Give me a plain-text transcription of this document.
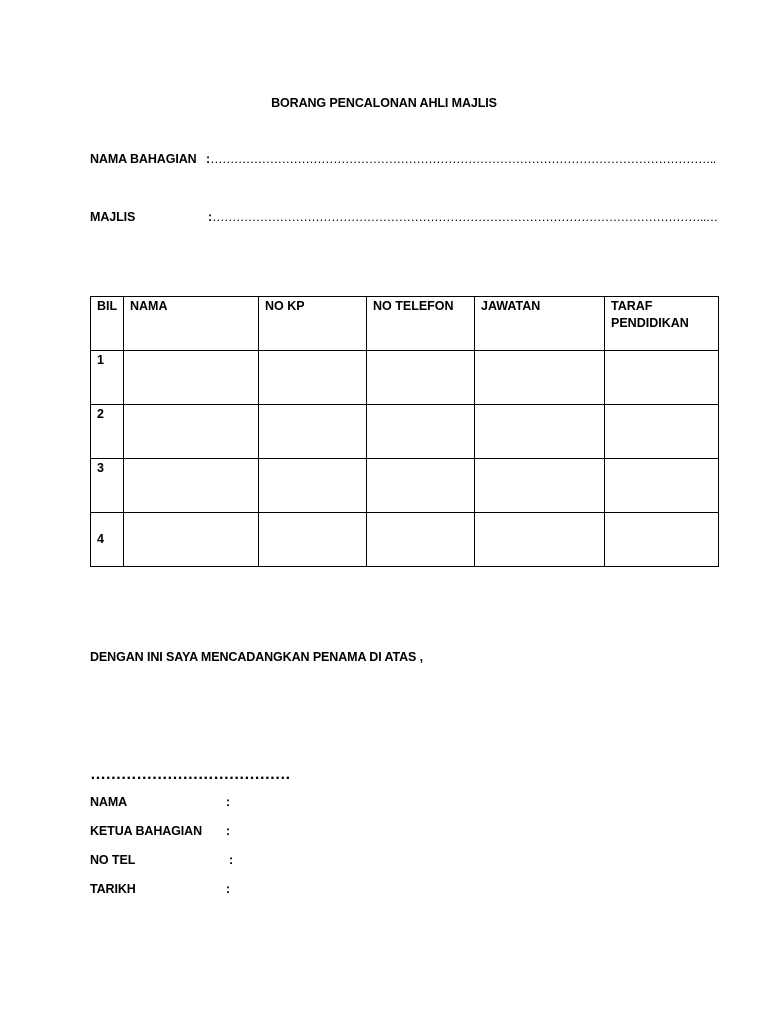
BORANG PENCALONAN AHLI MAJLIS
NAMA BAHAGIAN :………………………………………………………………………………………………………………..
MAJLIS	:……………………………………………………………………………………………………………..…
BIL	NAMA	NO KP	NO TELEFON	JAWATAN	TARAF PENDIDIKAN
1					
2					
3					
4					
DENGAN INI SAYA MENCADANGKAN PENAMA DI ATAS ,
…………………………………
NAMA	:
KETUA BAHAGIAN :
NO TEL	:
TARIKH	:
